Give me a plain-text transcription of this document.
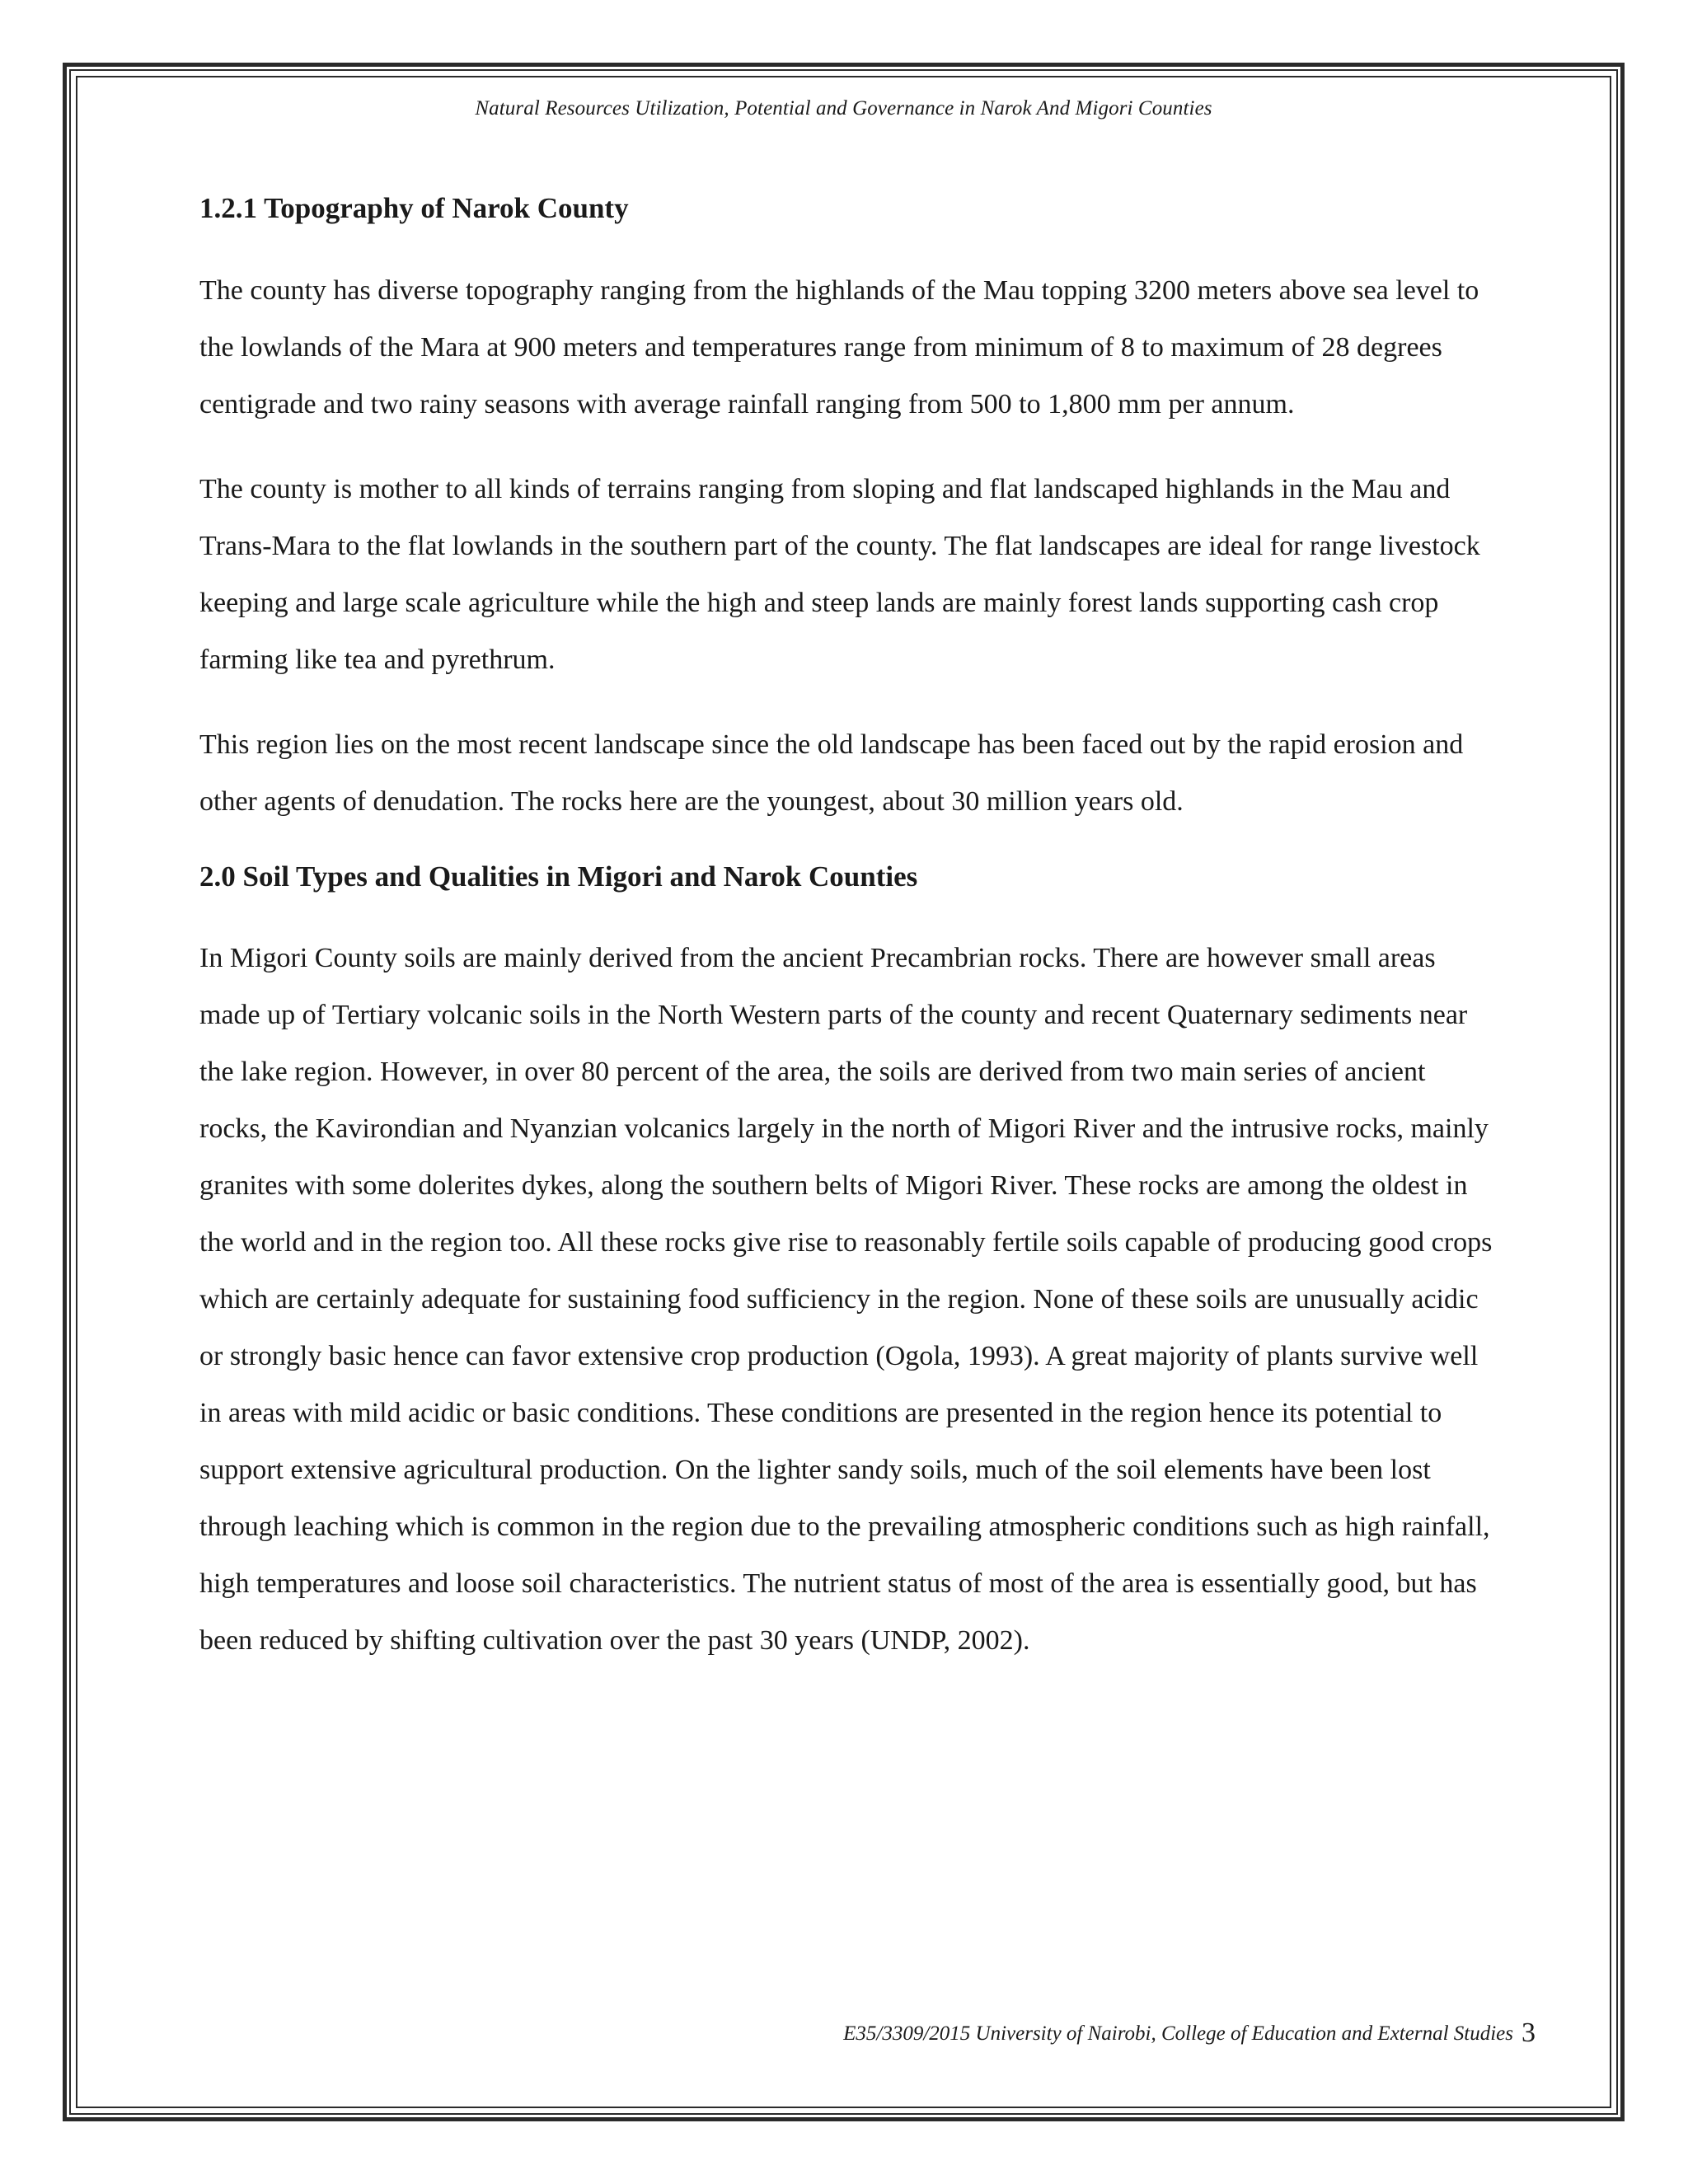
Natural Resources Utilization, Potential and Governance in Narok And Migori Counties
1.2.1 Topography of Narok County

The county has diverse topography ranging from the highlands of the Mau topping 3200 meters above sea level to the lowlands of the Mara at 900 meters and temperatures range from minimum of 8 to maximum of 28 degrees centigrade and two rainy seasons with average rainfall ranging from 500 to 1,800 mm per annum.

The county is mother to all kinds of terrains ranging from sloping and flat landscaped highlands in the Mau and Trans-Mara to the flat lowlands in the southern part of the county. The flat landscapes are ideal for range livestock keeping and large scale agriculture while the high and steep lands are mainly forest lands supporting cash crop farming like tea and pyrethrum.

This region lies on the most recent landscape since the old landscape has been faced out by the rapid erosion and other agents of denudation. The rocks here are the youngest, about 30 million years old.

2.0 Soil Types and Qualities in Migori and Narok Counties

In Migori County soils are mainly derived from the ancient Precambrian rocks. There are however small areas made up of Tertiary volcanic soils in the North Western parts of the county and recent Quaternary sediments near the lake region. However, in over 80 percent of the area, the soils are derived from two main series of ancient rocks, the Kavirondian and Nyanzian volcanics largely in the north of Migori River and the intrusive rocks, mainly granites with some dolerites dykes, along the southern belts of Migori River. These rocks are among the oldest in the world and in the region too. All these rocks give rise to reasonably fertile soils capable of producing good crops which are certainly adequate for sustaining food sufficiency in the region. None of these soils are unusually acidic or strongly basic hence can favor extensive crop production (Ogola, 1993). A great majority of plants survive well in areas with mild acidic or basic conditions. These conditions are presented in the region hence its potential to support extensive agricultural production. On the lighter sandy soils, much of the soil elements have been lost through leaching which is common in the region due to the prevailing atmospheric conditions such as high rainfall, high temperatures and loose soil characteristics. The nutrient status of most of the area is essentially good, but has been reduced by shifting cultivation over the past 30 years (UNDP, 2002).

E35/3309/2015 University of Nairobi, College of Education and External Studies 3
